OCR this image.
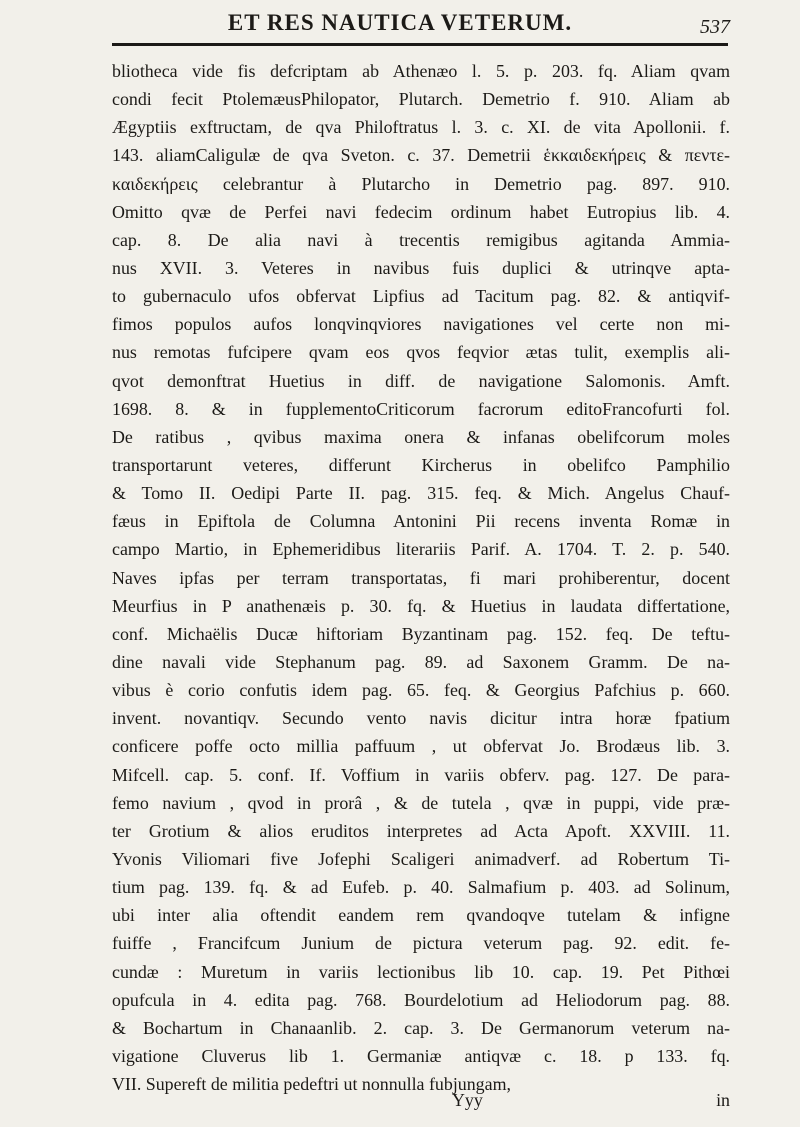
ET RES NAUTICA VETERUM.	537
bliotheca vide fis defcriptam ab Athenæo l. 5. p. 203. fq. Aliam qvam
condi fecit PtolemæusPhilopator, Plutarch. Demetrio f. 910. Aliam ab
Ægyptiis exftructam, de qva Philoftratus l. 3. c. XI. de vita Apollonii. f.
143. aliamCaligulæ de qva Sveton. c. 37. Demetrii ἑκκαιδεκήρεις & πεντε-
καιδεκήρεις celebrantur à Plutarcho in Demetrio pag. 897. 910.
Omitto qvæ de Perfei navi fedecim ordinum habet Eutropius lib. 4.
cap. 8. De alia navi à trecentis remigibus agitanda Ammia-
nus XVII. 3. Veteres in navibus fuis duplici & utrinqve apta-
to gubernaculo ufos obfervat Lipfius ad Tacitum pag. 82. & antiqvif-
fimos populos aufos lonqvinqviores navigationes vel certe non mi-
nus remotas fufcipere qvam eos qvos feqvior ætas tulit, exemplis ali-
qvot demonftrat Huetius in diff. de navigatione Salomonis. Amft.
1698. 8. & in fupplementoCriticorum facrorum editoFrancofurti fol.
De ratibus , qvibus maxima onera & infanas obelifcorum moles
transportarunt veteres, differunt Kircherus in obelifco Pamphilio
& Tomo II. Oedipi Parte II. pag. 315. feq. & Mich. Angelus Chauf-
fæus in Epiftola de Columna Antonini Pii recens inventa Romæ in
campo Martio, in Ephemeridibus literariis Parif. A. 1704. T. 2. p. 540.
Naves ipfas per terram transportatas, fi mari prohiberentur, docent
Meurfius in P anathenæis p. 30. fq. & Huetius in laudata differtatione,
conf. Michaëlis Ducæ hiftoriam Byzantinam pag. 152. feq. De teftu-
dine navali vide Stephanum pag. 89. ad Saxonem Gramm. De na-
vibus è corio confutis idem pag. 65. feq. & Georgius Pafchius p. 660.
invent. novantiqv. Secundo vento navis dicitur intra horæ fpatium
conficere poffe octo millia paffuum , ut obfervat Jo. Brodæus lib. 3.
Mifcell. cap. 5. conf. If. Voffium in variis obferv. pag. 127. De para-
femo navium , qvod in prorâ , & de tutela , qvæ in puppi, vide præ-
ter Grotium & alios eruditos interpretes ad Acta Apoft. XXVIII. 11.
Yvonis Viliomari five Jofephi Scaligeri animadverf. ad Robertum Ti-
tium pag. 139. fq. & ad Eufeb. p. 40. Salmafium p. 403. ad Solinum,
ubi inter alia oftendit eandem rem qvandoqve tutelam & infigne
fuiffe , Francifcum Junium de pictura veterum pag. 92. edit. fe-
cundæ : Muretum in variis lectionibus lib 10. cap. 19. Pet Pithœi
opufcula in 4. edita pag. 768. Bourdelotium ad Heliodorum pag. 88.
& Bochartum in Chanaanlib. 2. cap. 3. De Germanorum veterum na-
vigatione Cluverus lib 1. Germaniæ antiqvæ c. 18. p 133. fq.
VII. Supereft de militia pedeftri ut nonnulla fubjungam,
Yyy	in
